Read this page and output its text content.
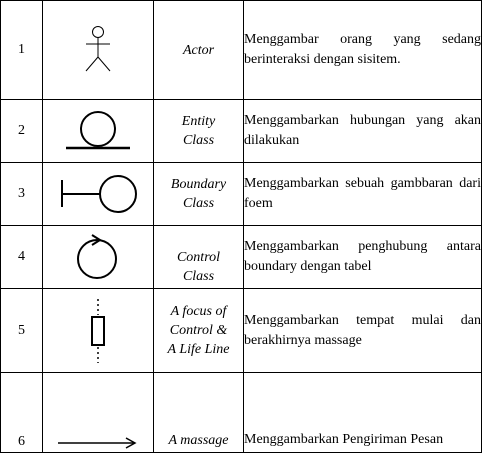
1		Actor	Menggambar orang yang sedang berinteraksi dengan sisitem.
2		Entity
Class	Menggambarkan hubungan yang akan dilakukan
3		Boundary
Class	Menggambarkan sebuah gambbaran dari foem
4		Control
Class	Menggambarkan penghubung antara boundary dengan tabel
5		A focus of
Control &
A Life Line	Menggambarkan tempat mulai dan berakhirnya massage
6		A massage	Menggambarkan Pengiriman Pesan
